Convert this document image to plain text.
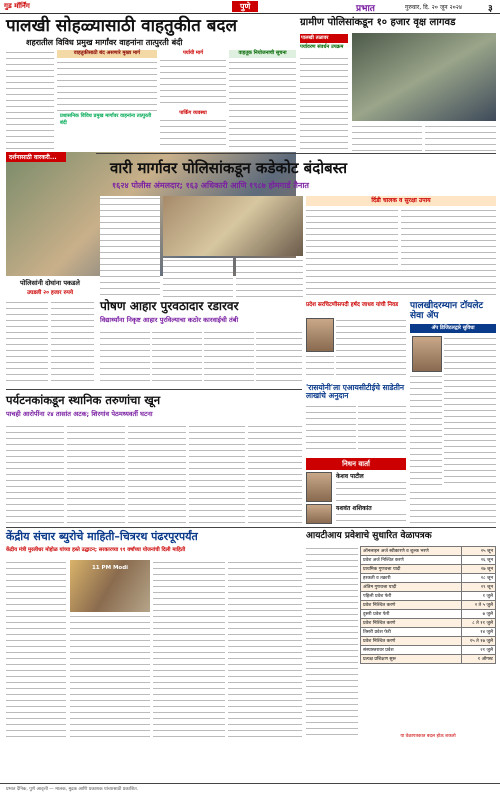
गुड मॉर्निंग	पुणे	प्रभात	गुरुवार, दि. २० जून २०२४	३
पालखी सोहळ्यासाठी वाहतुकीत बदल
शहरातील विविध प्रमुख मार्गांवर वाहनांना तात्पुरती बंदी
वाहतुकीसाठी बंद असणारे मुख्य मार्ग
प्रशासनिक विविध प्रमुख मार्गांवर वाहनांना तात्पुरती बंदी
पर्यायी मार्ग
पार्किंग व्यवस्था
वाहतूक नियोजनाची सूचना
दर्शनासाठी वारकरी...
ग्रामीण पोलिसांकडून १० हजार वृक्ष लागवड
पालखी तळावर
पर्यावरण संवर्धन उपक्रम
वारी मार्गावर पोलिसांकडून कडेकोट बंदोबस्त
१६२४ पोलीस अंमलदार; १६३ अधिकारी आणि १९८७ होमगार्ड तैनात
दिंडी चालक व सुरक्षा उपाय
पालखीदरम्यान टॉयलेट सेवा ॲप
ॲप डिजिटलद्वारे सुविधा
प्रदेश सरचिटणीसपदी हर्षद जाधव यांची निवड
पोलिसांनी दोघांना पकडले
उघडली २० हजार रुपये
पोषण आहार पुरवठादार रडारवर
विद्यार्थ्यांना निकृष्ट आहार पुरविल्याचा कठोर कारवाईची तंबी
पर्यटनकांकडून स्थानिक तरुणांचा खून
पाचही आरोपींना २४ तासांत अटक; शिरगांव पेठमध्यवर्ती घटना
'रासयोनी'ला एआयसीटीईचे साडेतीन लाखांचे अनुदान
निधन वार्ता
केशव पाटील
यशवंत शशिकांत
केंद्रीय संचार ब्युरोचे माहिती–चित्ररथ पंढरपूरपर्यंत
केंद्रीय मंत्री मुरलीधर मोहोळ यांच्या हस्ते उद्घाटन; सरकारच्या ११ वर्षांच्या योजनांची दिली माहिती
11 PM Modi
आयटीआय प्रवेशाचे सुधारित वेळापत्रक
ऑनलाइन अर्ज स्वीकारणे व शुल्क भरणे	२५ जून
प्रवेश अर्ज निश्चित करणे	२६ जून
प्राथमिक गुणवत्ता यादी	२७ जून
हरकती व तक्रारी	२८ जून
अंतिम गुणवत्ता यादी	२९ जून
पहिली प्रवेश फेरी	१ जुलै
प्रवेश निश्चित करणे	२ ते ५ जुलै
दुसरी प्रवेश फेरी	७ जुलै
प्रवेश निश्चित करणे	८ ते ११ जुलै
तिसरी प्रवेश फेरी	१४ जुलै
प्रवेश निश्चित करणे	१५ ते १७ जुलै
संस्थास्तरावर प्रवेश	२१ जुलै
प्रत्यक्ष प्रशिक्षण सुरू	१ ऑगस्ट
या वेळापत्रकात बदल होऊ शकतो
प्रभात दैनिक, पुणे आवृत्ती — मालक, मुद्रक आणि प्रकाशक यांच्यासाठी प्रकाशित.
